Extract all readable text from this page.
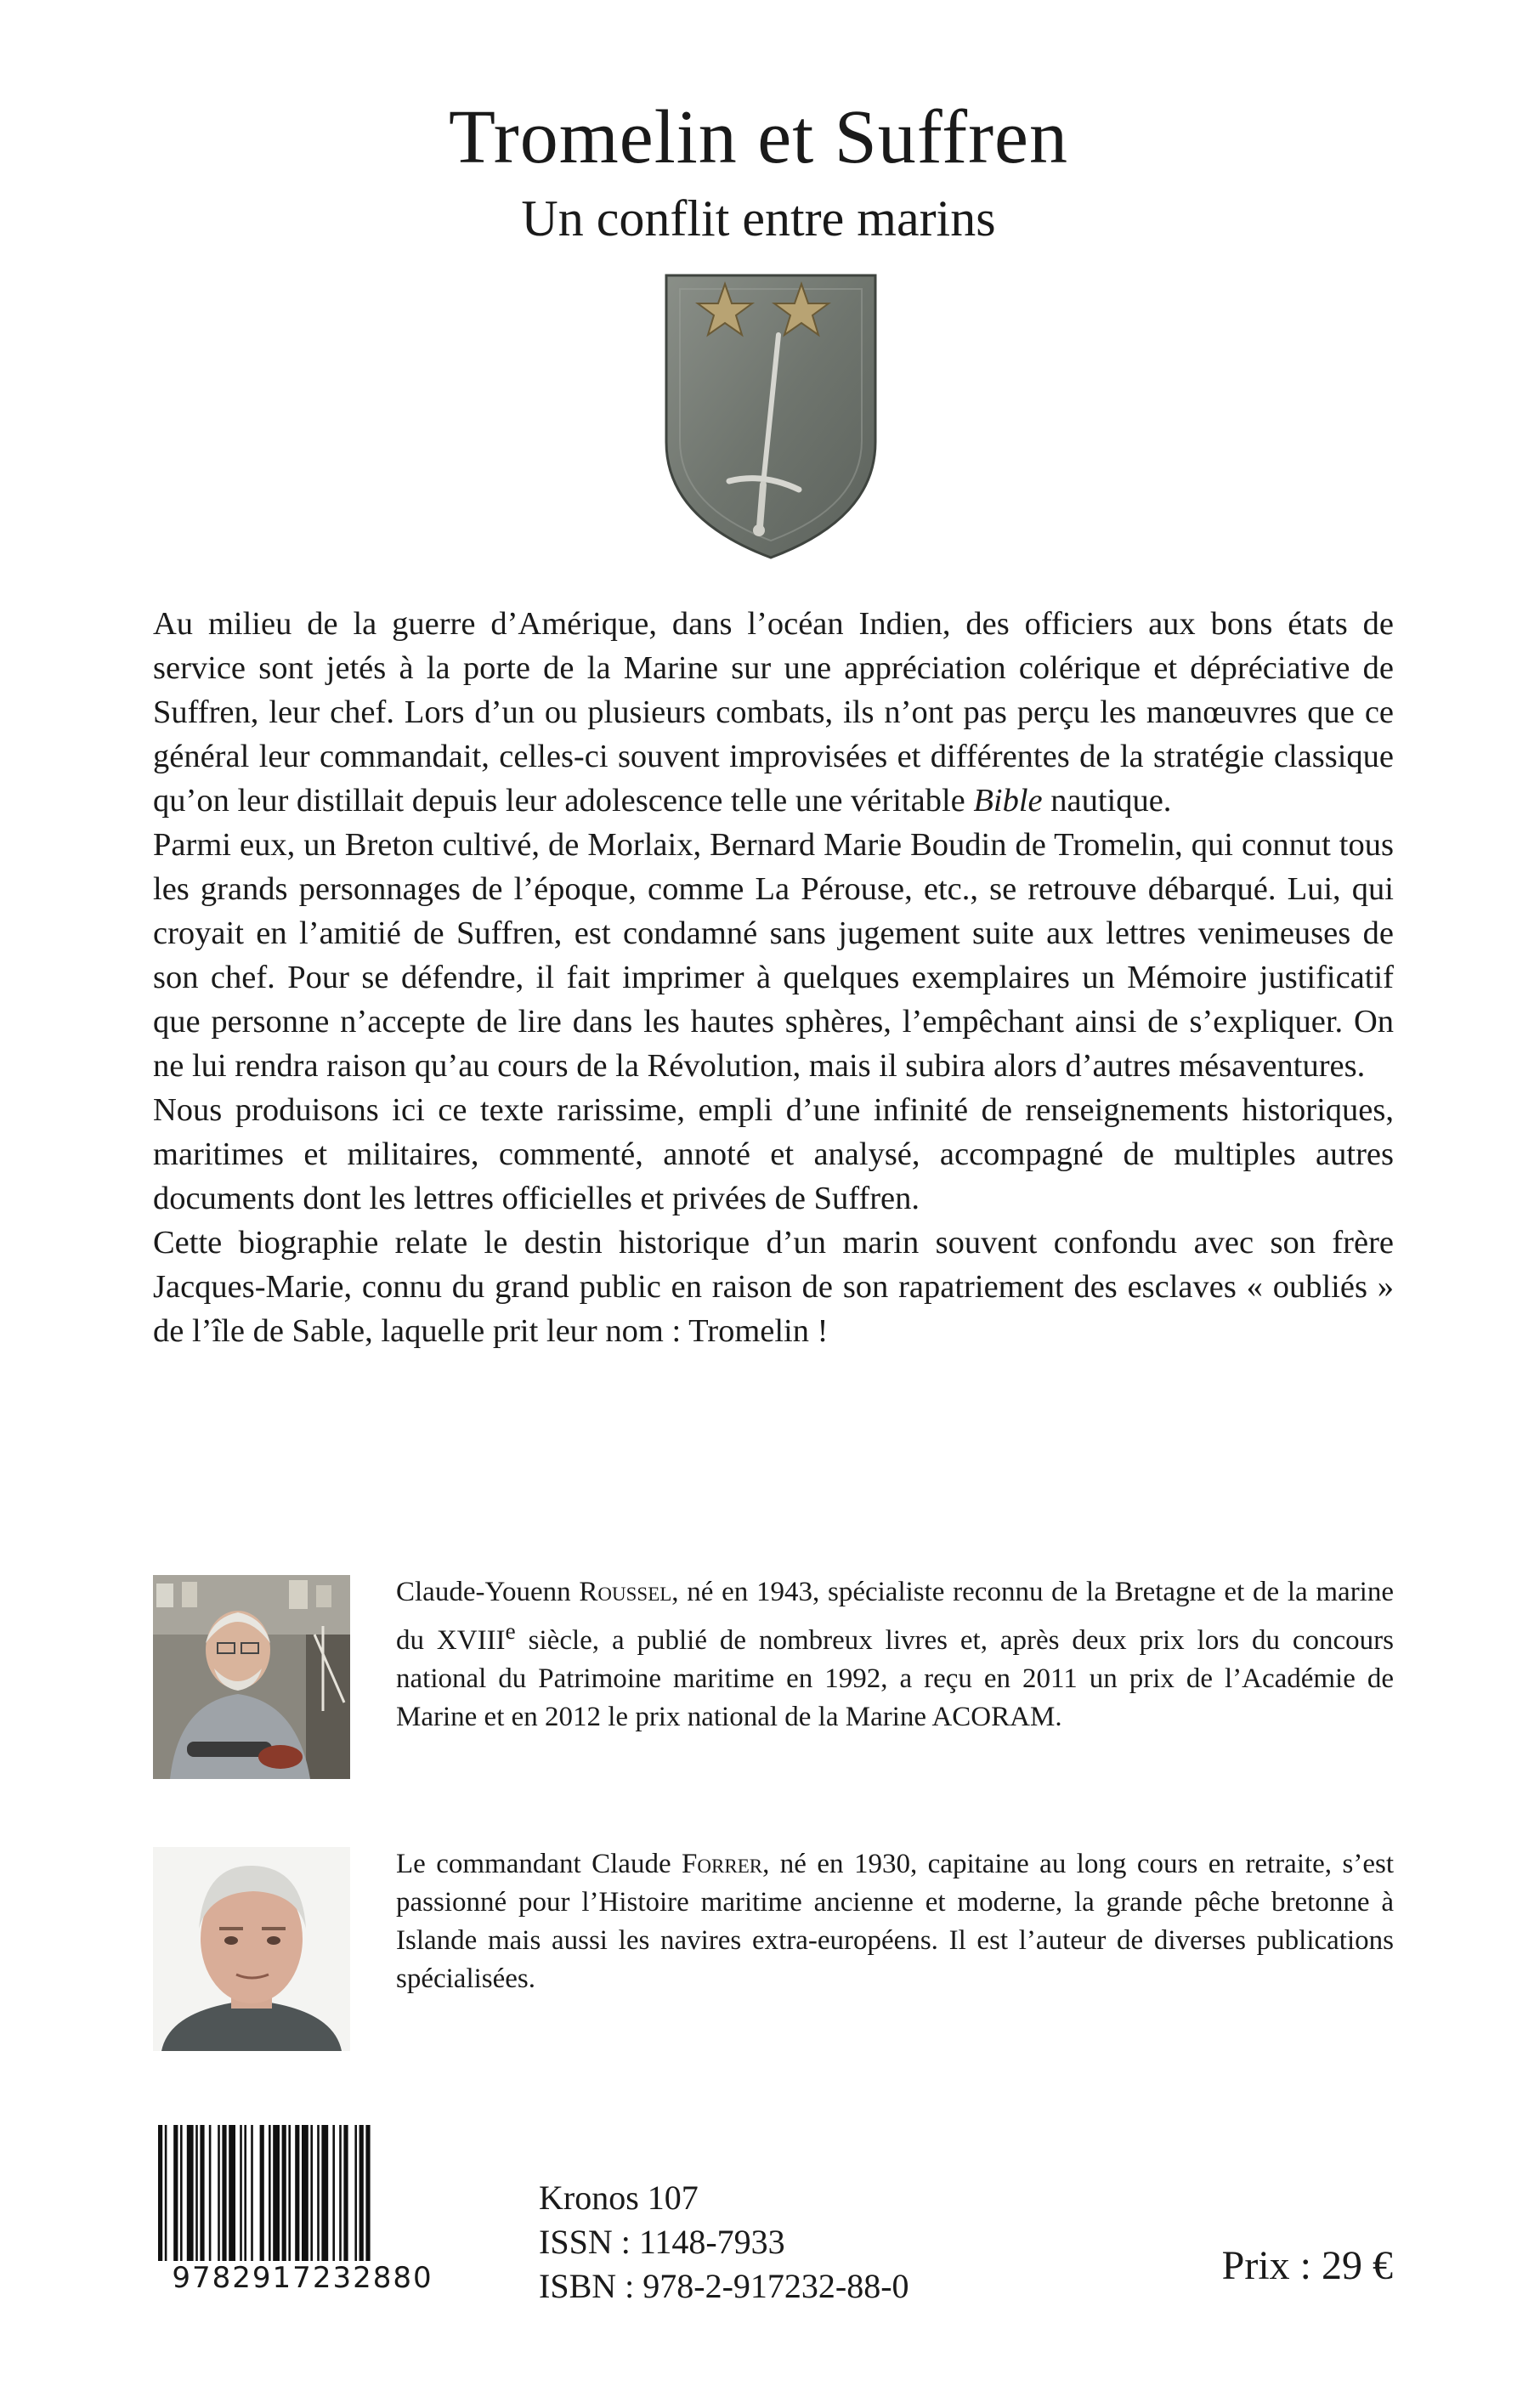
Tromelin et Suffren
Un conflit entre marins

Au milieu de la guerre d’Amérique, dans l’océan Indien, des officiers aux bons états de service sont jetés à la porte de la Marine sur une appréciation colérique et dépréciative de Suffren, leur chef. Lors d’un ou plusieurs combats, ils n’ont pas perçu les manœuvres que ce général leur commandait, celles-ci souvent improvisées et différentes de la stratégie classique qu’on leur distillait depuis leur adolescence telle une véritable Bible nautique.

Parmi eux, un Breton cultivé, de Morlaix, Bernard Marie Boudin de Tromelin, qui connut tous les grands personnages de l’époque, comme La Pérouse, etc., se retrouve débarqué. Lui, qui croyait en l’amitié de Suffren, est condamné sans jugement suite aux lettres venimeuses de son chef. Pour se défendre, il fait imprimer à quelques exemplaires un Mémoire justificatif que personne n’accepte de lire dans les hautes sphères, l’empêchant ainsi de s’expliquer. On ne lui rendra raison qu’au cours de la Révolution, mais il subira alors d’autres mésaventures.

Nous produisons ici ce texte rarissime, empli d’une infinité de renseignements historiques, maritimes et militaires, commenté, annoté et analysé, accompagné de multiples autres documents dont les lettres officielles et privées de Suffren.

Cette biographie relate le destin historique d’un marin souvent confondu avec son frère Jacques-Marie, connu du grand public en raison de son rapatriement des esclaves « oubliés » de l’île de Sable, laquelle prit leur nom : Tromelin !

Claude-Youenn Roussel, né en 1943, spécialiste reconnu de la Bretagne et de la marine du XVIIIe siècle, a publié de nombreux livres et, après deux prix lors du concours national du Patrimoine maritime en 1992, a reçu en 2011 un prix de l’Académie de Marine et en 2012 le prix national de la Marine ACORAM.

Le commandant Claude Forrer, né en 1930, capitaine au long cours en retraite, s’est passionné pour l’Histoire maritime ancienne et moderne, la grande pêche bretonne à Islande mais aussi les navires extra-européens. Il est l’auteur de diverses publications spécialisées.

9782917232880
Kronos 107
ISSN : 1148-7933
ISBN : 978-2-917232-88-0	Prix : 29 €
